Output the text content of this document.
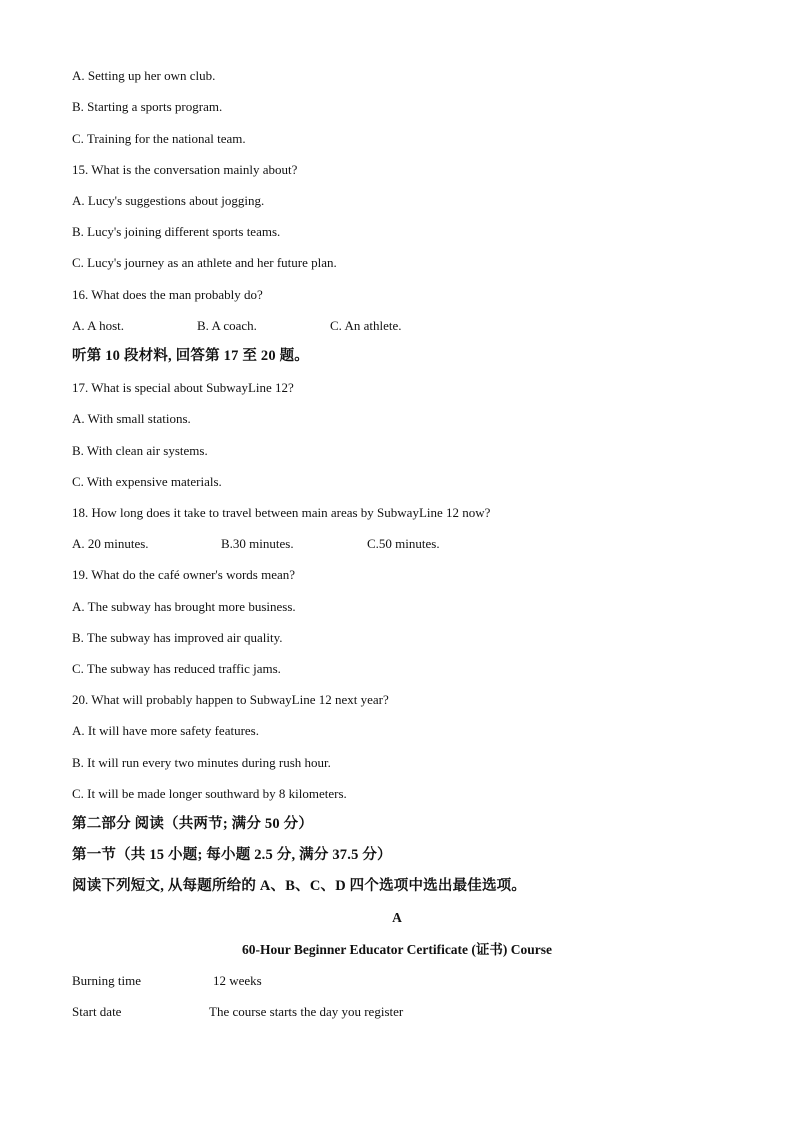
A. Setting up her own club.
B. Starting a sports program.
C. Training for the national team.
15. What is the conversation mainly about?
A. Lucy's suggestions about jogging.
B. Lucy's joining different sports teams.
C. Lucy's journey as an athlete and her future plan.
16. What does the man probably do?
A. A host.	B. A coach.	C. An athlete.
听第 10 段材料, 回答第 17 至 20 题。
17. What is special about SubwayLine 12?
A. With small stations.
B. With clean air systems.
C. With expensive materials.
18. How long does it take to travel between main areas by SubwayLine 12 now?
A. 20 minutes.	B.30 minutes.	C.50 minutes.
19. What do the café owner's words mean?
A. The subway has brought more business.
B. The subway has improved air quality.
C. The subway has reduced traffic jams.
20. What will probably happen to SubwayLine 12 next year?
A. It will have more safety features.
B. It will run every two minutes during rush hour.
C. It will be made longer southward by 8 kilometers.
第二部分 阅读（共两节; 满分 50 分）
第一节（共 15 小题; 每小题 2.5 分, 满分 37.5 分）
阅读下列短文, 从每题所给的 A、B、C、D 四个选项中选出最佳选项。
A
60-Hour Beginner Educator Certificate (证书) Course
Burning time	12 weeks
Start date	The course starts the day you register
